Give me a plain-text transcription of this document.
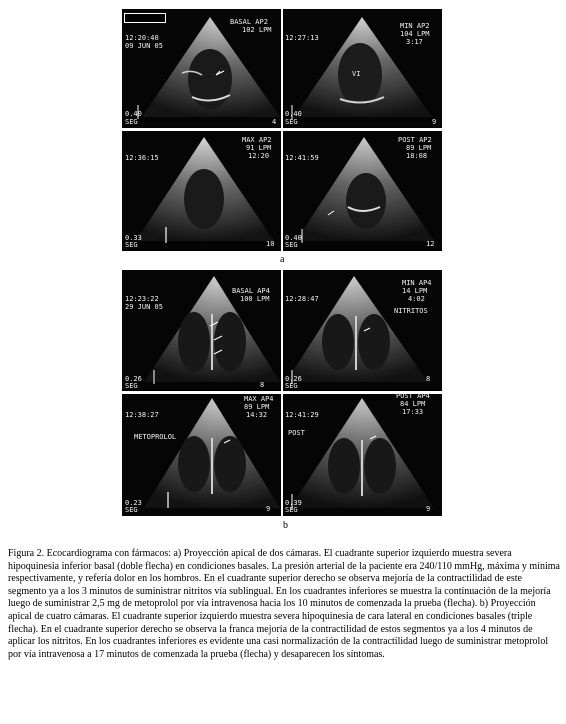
BASAL AP2
102 LPM
12:20:40
09 JUN 05
0.40
SEG	4
VI
MIN AP2
104 LPM
3:17
12:27:13
0.40
SEG	9
MAX AP2
91 LPM
12:20
12:36:15
0.33
SEG	10
POST AP2
89 LPM
18:08
12:41:59
0.40
SEG	12
a
BASAL AP4
100 LPM
12:23:22
29 JUN 05
0.26
SEG	8
MIN AP4
14 LPM
4:02
NITRITOS
12:28:47
0.26
SEG
8
METOPROLOL
MAX AP4
89 LPM
14:32
12:38:27
0.23
SEG	9
POST
POST AP4
84 LPM
17:33
12:41:29
0.39
SEG	9
b

Figura 2. Ecocardiograma con fármacos: a) Proyección apical de dos cámaras. El cuadrante superior izquierdo muestra severa hipoquinesia inferior basal (doble flecha) en condiciones basales. La presión arterial de la paciente era 240/110 mmHg, máxima y mínima respectivamente, y refería dolor en los hombros. En el cuadrante superior derecho se observa mejoría de la contractilidad de este segmento ya a los 3 minutos de suministrar nitritos vía sublingual. En los cuadrantes inferiores se muestra la continuación de la mejoría luego de suministrar 2,5 mg de metoprolol por vía intravenosa hacia los 10 minutos de comenzada la prueba (flecha). b) Proyección apical de cuatro cámaras. El cuadrante superior izquierdo muestra severa hipoquinesia de cara lateral en condiciones basales (triple flecha). En el cuadrante superior derecho se observa la franca mejoría de la contractilidad de estos segmentos ya a los 4 minutos de aplicar los nitritos. En los cuadrantes inferiores es evidente una casi normalización de la contractilidad luego de suministrar metoprolol por vía intravenosa a 17 minutos de comenzada la prueba (flecha) y desaparecen los síntomas.
